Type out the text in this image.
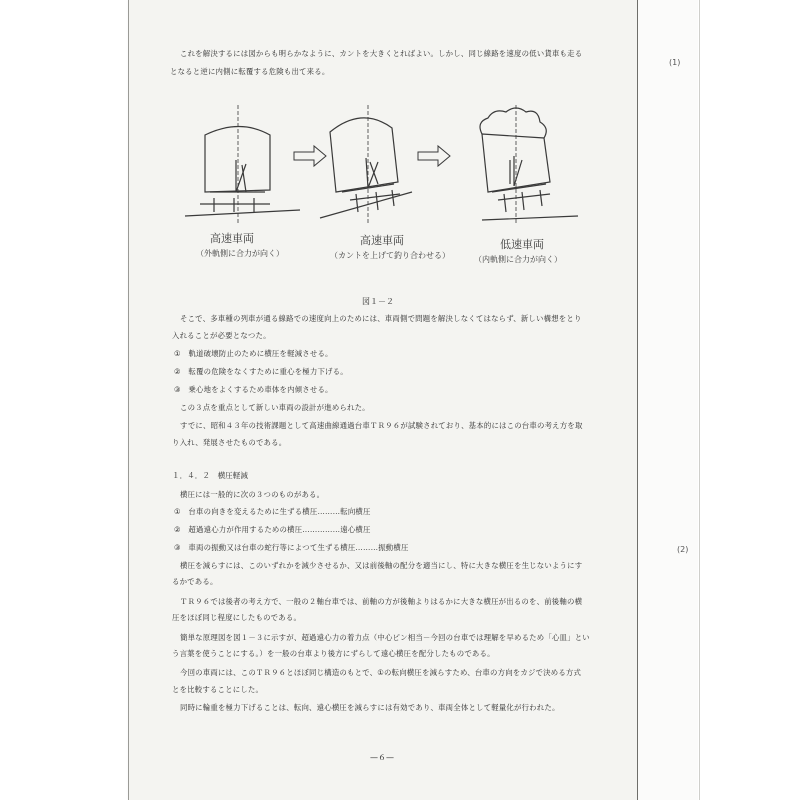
(1)
(2)
これを解決するには図からも明らかなように、カントを大きくとればよい。しかし、同じ線路を速度の低い貨車も走る
となると逆に内側に転覆する危険も出て来る。
高速車両
（外軌側に合力が向く）
高速車両
（カントを上げて釣り合わせる）
低速車両
（内軌側に合力が向く）
図１－２
そこで、多車種の列車が通る線路での速度向上のためには、車両側で問題を解決しなくてはならず、新しい構想をとり
入れることが必要となつた。
①　 軌道破壊防止のために横圧を軽減させる。
②　 転覆の危険をなくすために重心を極力下げる。
③　 乗心地をよくするため車体を内傾させる。
この３点を重点として新しい車両の設計が進められた。
すでに、昭和４３年の技術課題として高速曲線通過台車ＴＲ９６が試験されており、基本的にはこの台車の考え方を取
り入れ、発展させたものである。
１．４．２　 横圧軽減
横圧には一般的に次の３つのものがある。
①　 台車の向きを変えるために生ずる横圧………転向横圧
②　 超過遠心力が作用するための横圧……………遠心横圧
③　 車両の振動又は台車の蛇行等によつて生ずる横圧………振動横圧
横圧を減らすには、このいずれかを減少させるか、又は前後軸の配分を適当にし、特に大きな横圧を生じないようにす
るかである。
ＴＲ９６では後者の考え方で、一般の２軸台車では、前軸の方が後軸よりはるかに大きな横圧が出るのを、前後軸の横
圧をほぼ同じ程度にしたものである。
簡単な原理図を図１－３に示すが、超過遠心力の着力点（中心ピン相当－今回の台車では理解を早めるため「心皿」とい
う言葉を使うことにする。）を一般の台車より後方にずらして遠心横圧を配分したものである。
今回の車両には、このＴＲ９６とほぼ同じ構造のもとで、①の転向横圧を減らすため、台車の方向をカジで決める方式
とを比較することにした。
同時に輪重を極力下げることは、転向、遠心横圧を減らすには有効であり、車両全体として軽量化が行われた。
—６—
